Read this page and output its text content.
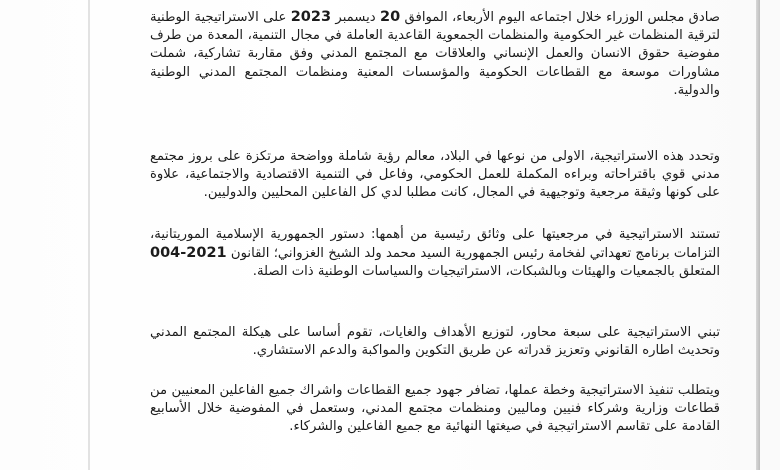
صادق مجلس الوزراء خلال اجتماعه اليوم الأربعاء، الموافق 20 ديسمبر 2023 على الاستراتيجية الوطنية لترقية المنظمات غير الحكومية والمنظمات الجمعوية القاعدية العاملة في مجال التنمية، المعدة من طرف مفوضية حقوق الانسان والعمل الإنساني والعلاقات مع المجتمع المدني وفق مقاربة تشاركية، شملت مشاورات موسعة مع القطاعات الحكومية والمؤسسات المعنية ومنظمات المجتمع المدني الوطنية والدولية.

وتحدد هذه الاستراتيجية، الاولى من نوعها في البلاد، معالم رؤية شاملة وواضحة مرتكزة على بروز مجتمع مدني قوي باقتراحاته وبراءه المكملة للعمل الحكومي، وفاعل في التنمية الاقتصادية والاجتماعية، علاوة على كونها وثيقة مرجعية وتوجيهية في المجال، كانت مطلبا لدي كل الفاعلين المحليين والدوليين.

تستند الاستراتيجية في مرجعيتها على وثائق رئيسية من أهمها: دستور الجمهورية الإسلامية الموريتانية، التزامات برنامج تعهداتي لفخامة رئيس الجمهورية السيد محمد ولد الشيخ الغزواني؛ القانون 004-2021 المتعلق بالجمعيات والهيئات وبالشبكات، الاستراتيجيات والسياسات الوطنية ذات الصلة.

تبني الاستراتيجية على سبعة محاور، لتوزيع الأهداف والغايات، تقوم أساسا على هيكلة المجتمع المدني وتحديث اطاره القانوني وتعزيز قدراته عن طريق التكوين والمواكبة والدعم الاستشاري.

ويتطلب تنفيذ الاستراتيجية وخطة عملها، تضافر جهود جميع القطاعات واشراك جميع الفاعلين المعنيين من قطاعات وزارية وشركاء فنيين وماليين ومنظمات مجتمع المدني، وستعمل في المفوضية خلال الأسابيع القادمة على تقاسم الاستراتيجية في صيغتها النهائية مع جميع الفاعلين والشركاء.
